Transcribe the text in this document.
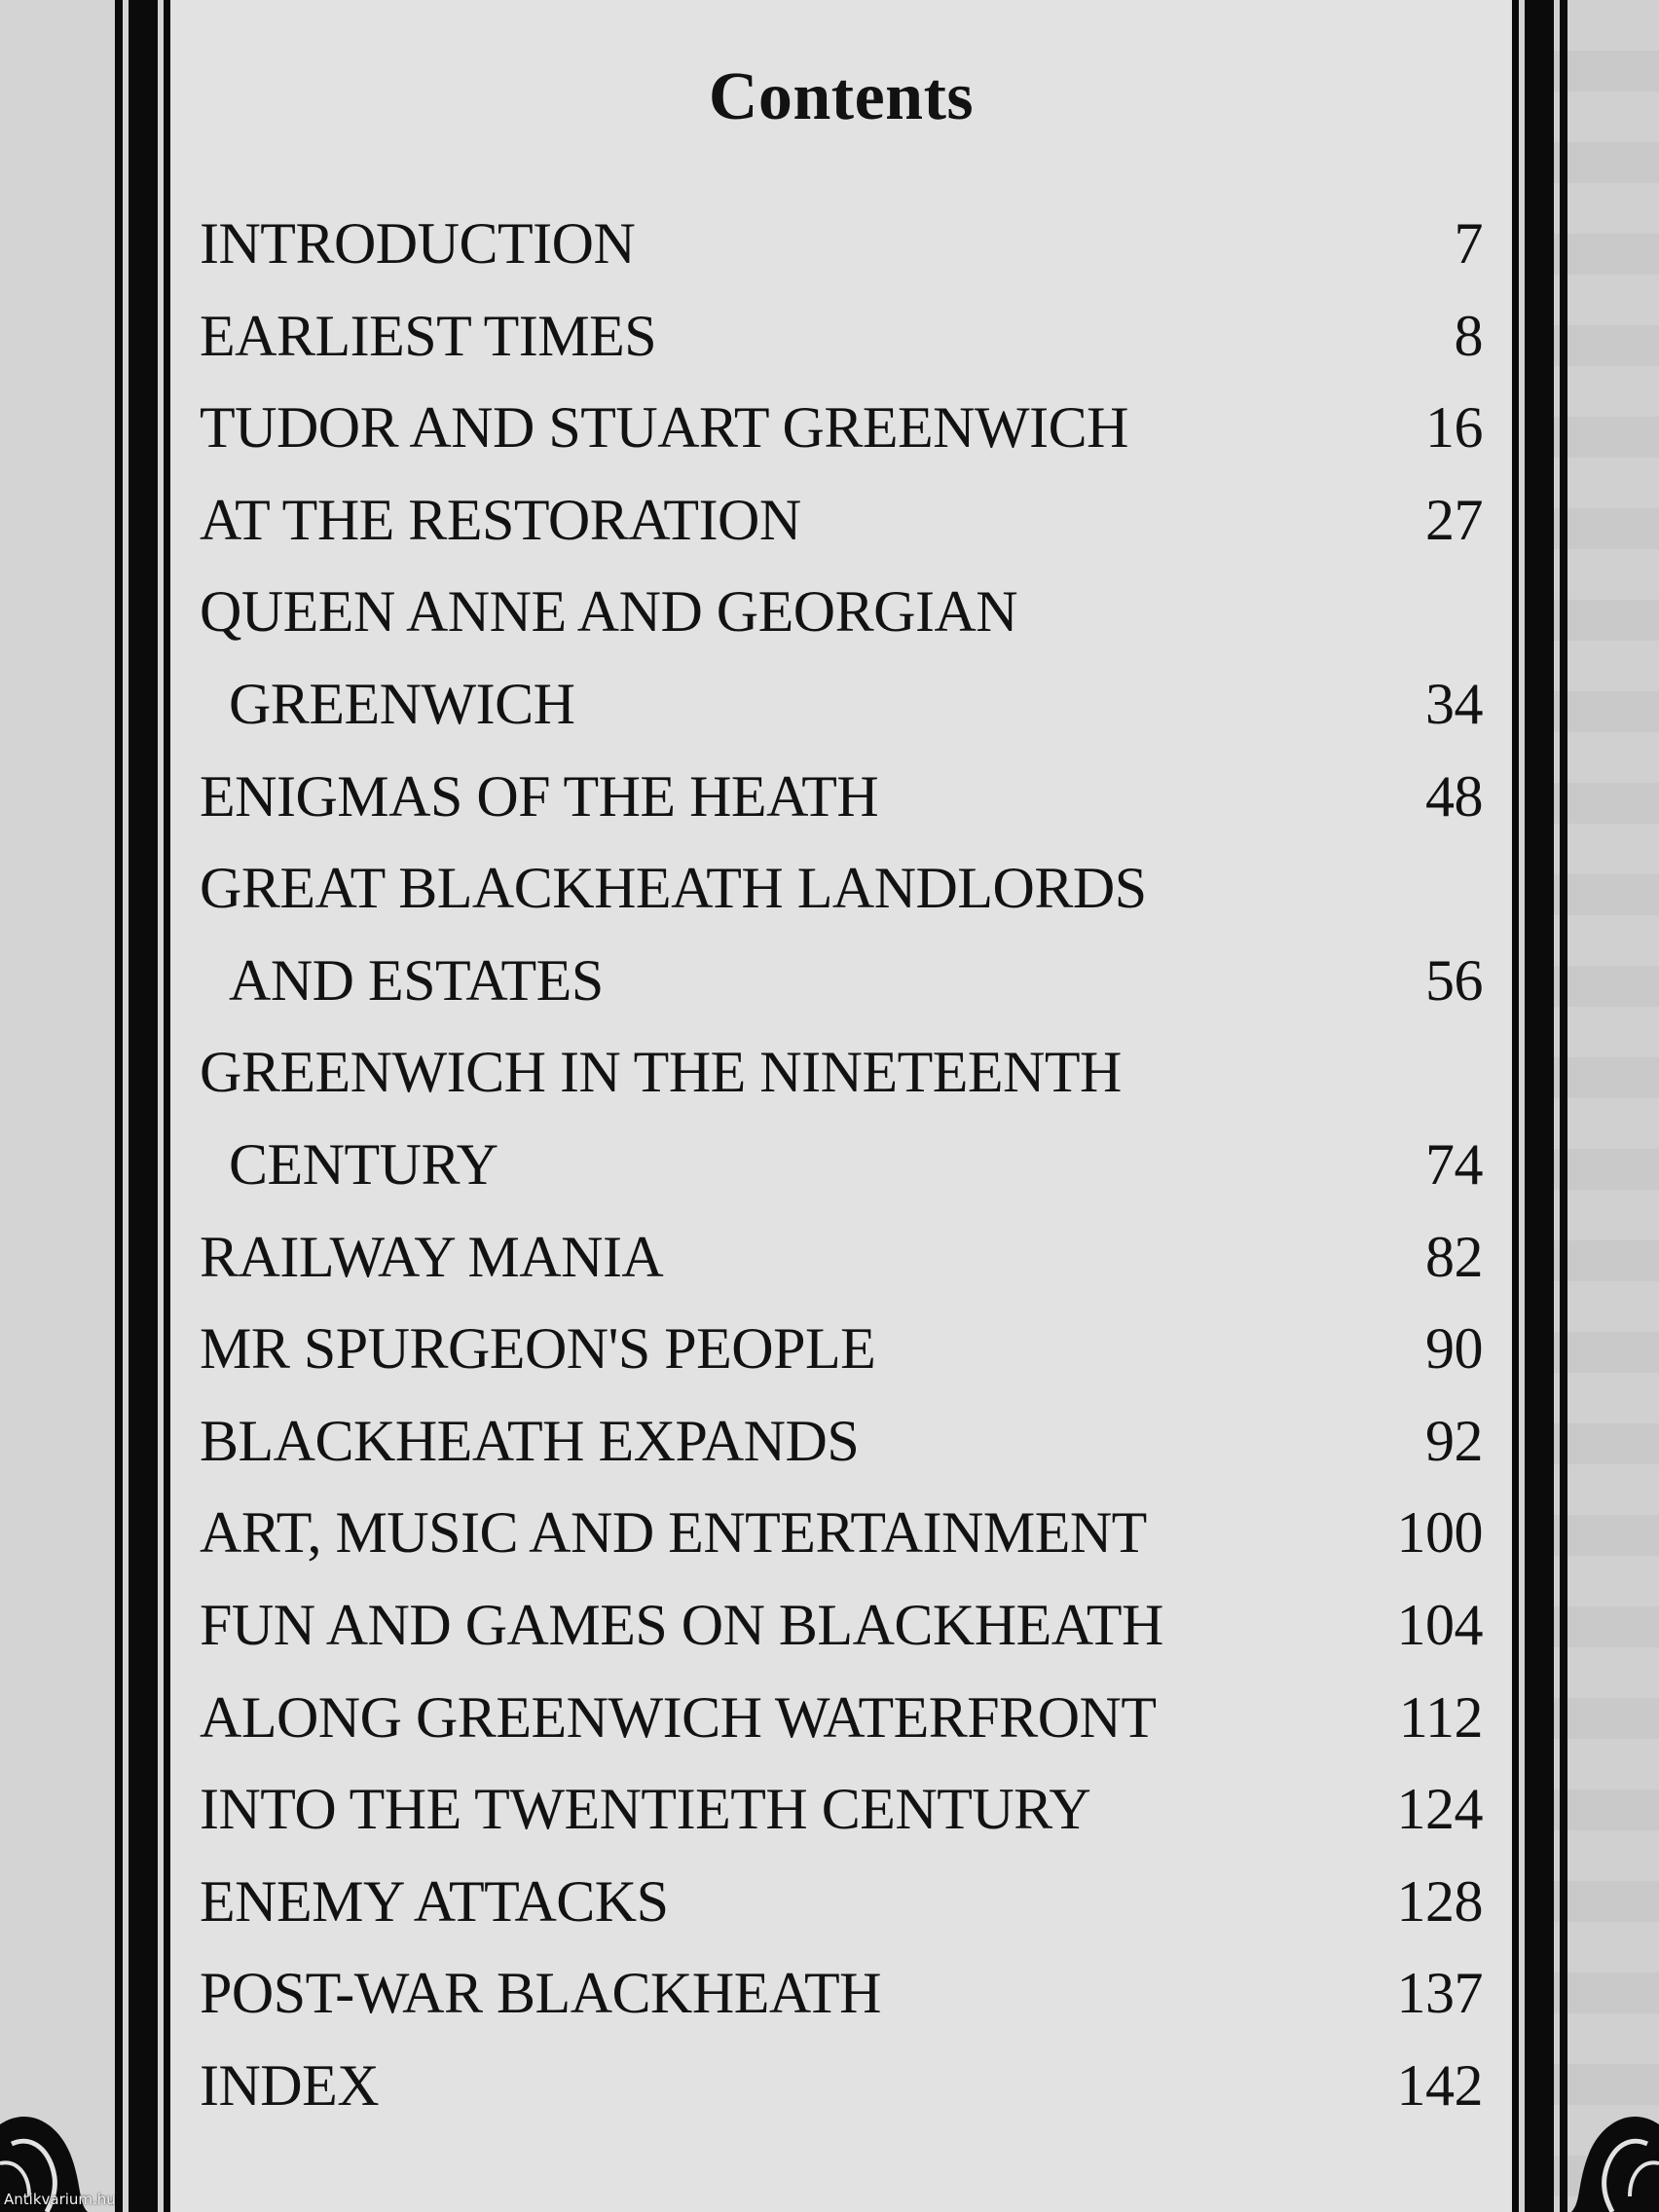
Contents
INTRODUCTION	7
EARLIEST TIMES	8
TUDOR AND STUART GREENWICH	16
AT THE RESTORATION	27
QUEEN ANNE AND GEORGIAN
GREENWICH	34
ENIGMAS OF THE HEATH	48
GREAT BLACKHEATH LANDLORDS
AND ESTATES	56
GREENWICH IN THE NINETEENTH
CENTURY	74
RAILWAY MANIA	82
MR SPURGEON'S PEOPLE	90
BLACKHEATH EXPANDS	92
ART, MUSIC AND ENTERTAINMENT	100
FUN AND GAMES ON BLACKHEATH	104
ALONG GREENWICH WATERFRONT	112
INTO THE TWENTIETH CENTURY	124
ENEMY ATTACKS	128
POST-WAR BLACKHEATH	137
INDEX	142
Antikvarium.hu
